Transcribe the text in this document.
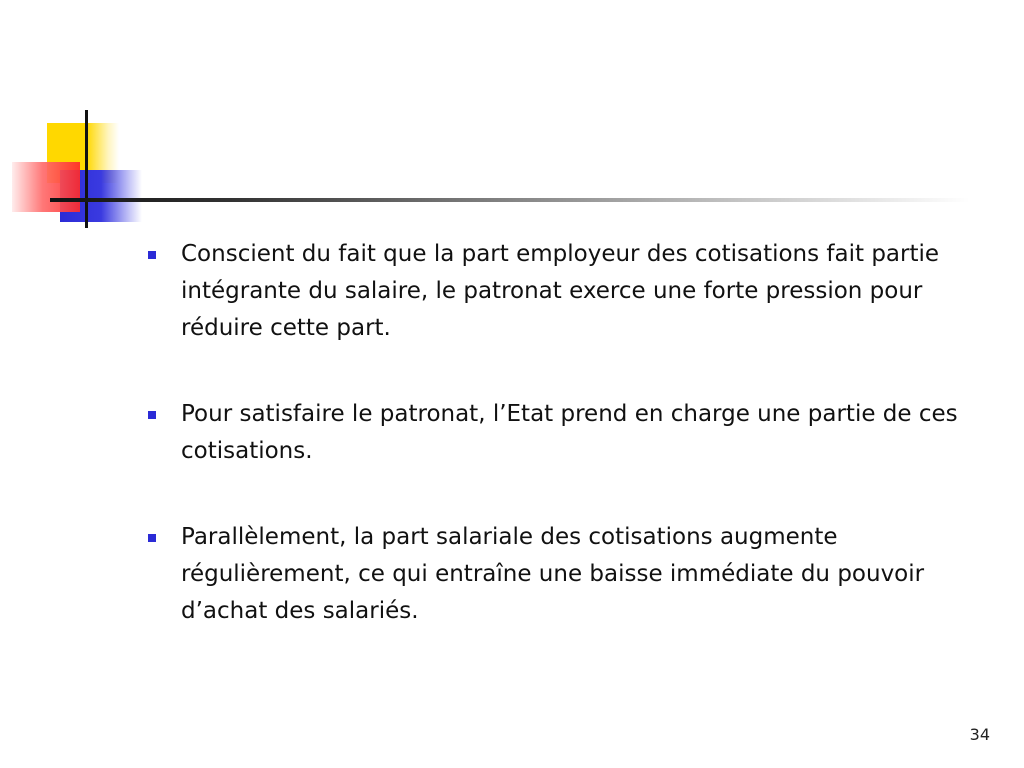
Conscient du fait que la part employeur des cotisations fait partie intégrante du salaire, le patronat exerce une forte pression pour réduire cette part.
Pour satisfaire le patronat, l’Etat prend en charge une partie de ces cotisations.
Parallèlement, la part salariale des cotisations augmente régulièrement, ce qui entraîne une baisse immédiate du pouvoir d’achat des salariés.
34
